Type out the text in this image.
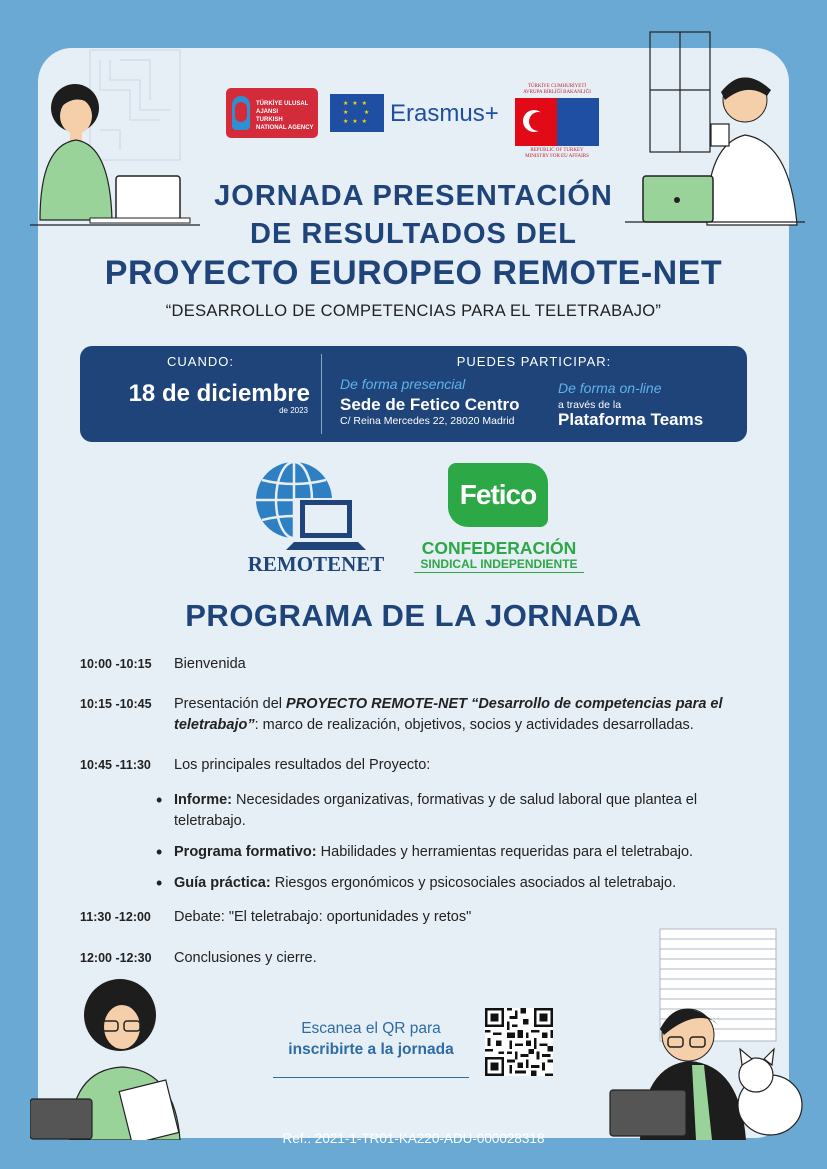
TÜRKİYE ULUSAL AJANSI
TURKISH NATIONAL AGENCY
★ ★ ★ ★ ★ ★ ★ ★
Erasmus+
TÜRKİYE CUMHURİYETİ
AVRUPA BİRLİĞİ BAKANLIĞI
REPUBLIC OF TURKEY
MINISTRY FOR EU AFFAIRS
JORNADA PRESENTACIÓN
DE RESULTADOS DEL
PROYECTO EUROPEO REMOTE-NET
“DESARROLLO DE COMPETENCIAS PARA EL TELETRABAJO”
CUANDO:
18 de diciembre
de 2023
PUEDES PARTICIPAR:
De forma presencial
Sede de Fetico Centro
C/ Reina Mercedes 22, 28020 Madrid
De forma on-line
a través de la
Plataforma Teams
REMOTENET
Fetico
CONFEDERACIÓN
SINDICAL INDEPENDIENTE
PROGRAMA DE LA JORNADA
10:00 -10:15	Bienvenida
10:15 -10:45	Presentación del PROYECTO REMOTE-NET “Desarrollo de competencias para el teletrabajo”: marco de realización, objetivos, socios y actividades desarrolladas.
10:45 -11:30	Los principales resultados del Proyecto:
• Informe: Necesidades organizativas, formativas y de salud laboral que plantea el teletrabajo.
• Programa formativo: Habilidades y herramientas requeridas para el teletrabajo.
• Guía práctica: Riesgos ergonómicos y psicosociales asociados al teletrabajo.
11:30 -12:00	Debate: "El teletrabajo: oportunidades y retos"
12:00 -12:30	Conclusiones y cierre.
Escanea el QR para
inscribirte a la jornada
Ref.: 2021-1-TR01-KA220-ADU-000028318
